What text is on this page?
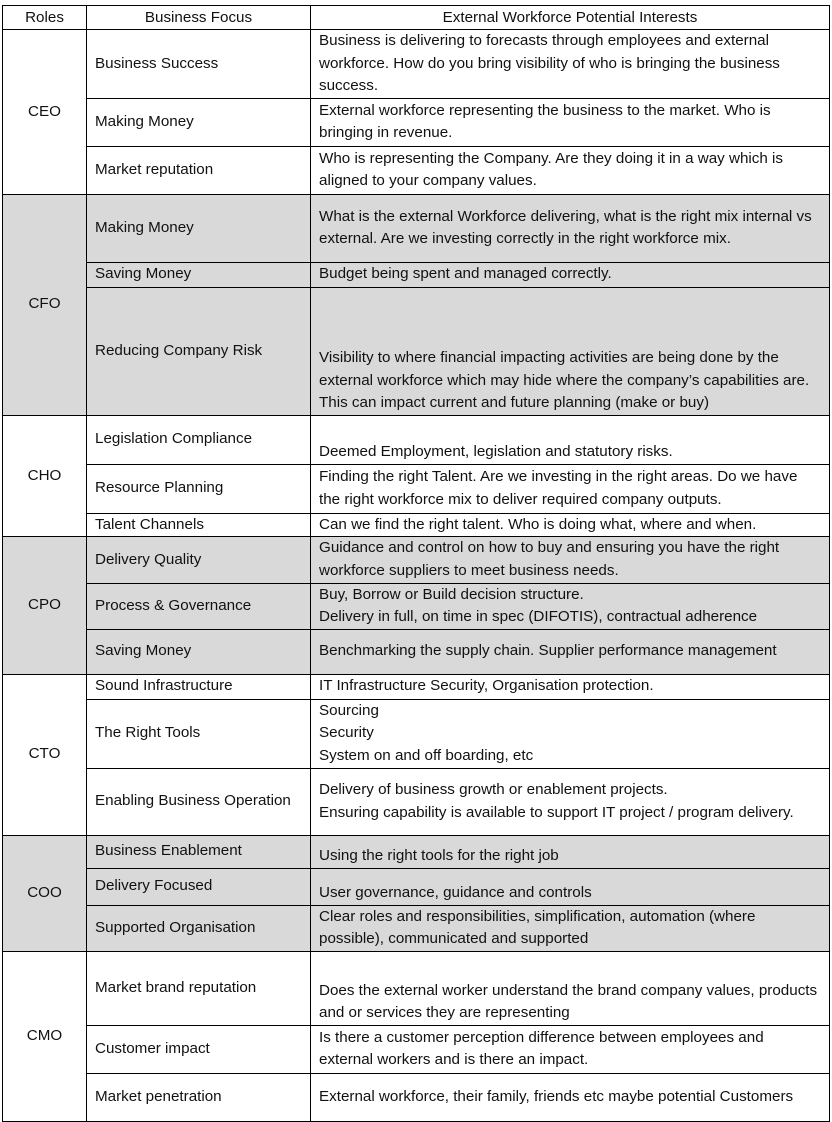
Roles	Business Focus	External Workforce Potential Interests
CEO	Business Success	Business is delivering to forecasts through employees and external workforce. How do you bring visibility of who is bringing the business success.

	Making Money	External workforce representing the business to the market. Who is bringing in revenue.

	Market reputation	Who is representing the Company. Are they doing it in a way which is aligned to your company values.

CFO	Making Money	What is the external Workforce delivering, what is the right mix internal vs external. Are we investing correctly in the right workforce mix.

	Saving Money	Budget being spent and managed correctly.

	Reducing Company Risk	Visibility to where financial impacting activities are being done by the external workforce which may hide where the company’s capabilities are. This can impact current and future planning (make or buy)

CHO	Legislation Compliance	Deemed Employment, legislation and statutory risks.

	Resource Planning	Finding the right Talent. Are we investing in the right areas. Do we have the right workforce mix to deliver required company outputs.

	Talent Channels	Can we find the right talent. Who is doing what, where and when.

CPO	Delivery Quality	Guidance and control on how to buy and ensuring you have the right workforce suppliers to meet business needs.

	Process & Governance	Buy, Borrow or Build decision structure.
Delivery in full, on time in spec (DIFOTIS), contractual adherence

	Saving Money	Benchmarking the supply chain. Supplier performance management

CTO	Sound Infrastructure	IT Infrastructure Security, Organisation protection.

	The Right Tools	Sourcing
Security
System on and off boarding, etc

	Enabling Business Operation	Delivery of business growth or enablement projects.
Ensuring capability is available to support IT project / program delivery.

COO	Business Enablement	Using the right tools for the right job

	Delivery Focused	User governance, guidance and controls

	Supported Organisation	Clear roles and responsibilities, simplification, automation (where possible), communicated and supported

CMO	Market brand reputation	Does the external worker understand the brand company values, products and or services they are representing

	Customer impact	Is there a customer perception difference between employees and external workers and is there an impact.

	Market penetration	External workforce, their family, friends etc maybe potential Customers
